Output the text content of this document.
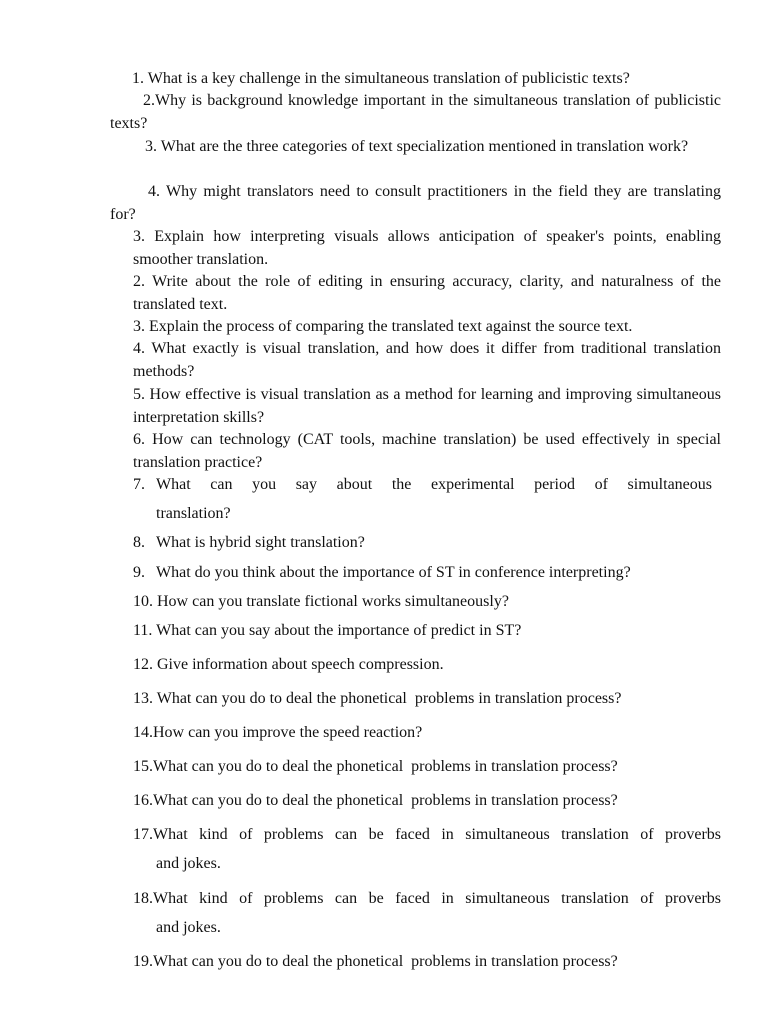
1. What is a key challenge in the simultaneous translation of publicistic texts?

2.Why is background knowledge important in the simultaneous translation of publicistic texts?

3. What are the three categories of text specialization mentioned in translation work?

4. Why might translators need to consult practitioners in the field they are translating for?

3. Explain how interpreting visuals allows anticipation of speaker's points, enabling smoother translation.

2. Write about the role of editing in ensuring accuracy, clarity, and naturalness of the translated text.

3. Explain the process of comparing the translated text against the source text.

4. What exactly is visual translation, and how does it differ from traditional translation methods?

5. How effective is visual translation as a method for learning and improving simultaneous interpretation skills?

6. How can technology (CAT tools, machine translation) be used effectively in special translation practice?

7. What can you say about the experimental period of simultaneous

translation?
8. What is hybrid sight translation?
9. What do you think about the importance of ST in conference interpreting?

10. How can you translate fictional works simultaneously?

11. What can you say about the importance of predict in ST?

12. Give information about speech compression.

13. What can you do to deal the phonetical  problems in translation process?

14.How can you improve the speed reaction?

15.What can you do to deal the phonetical  problems in translation process?

16.What can you do to deal the phonetical  problems in translation process?

17.What kind of problems can be faced in simultaneous translation of proverbs

and jokes.

18.What kind of problems can be faced in simultaneous translation of proverbs

and jokes.

19.What can you do to deal the phonetical  problems in translation process?
